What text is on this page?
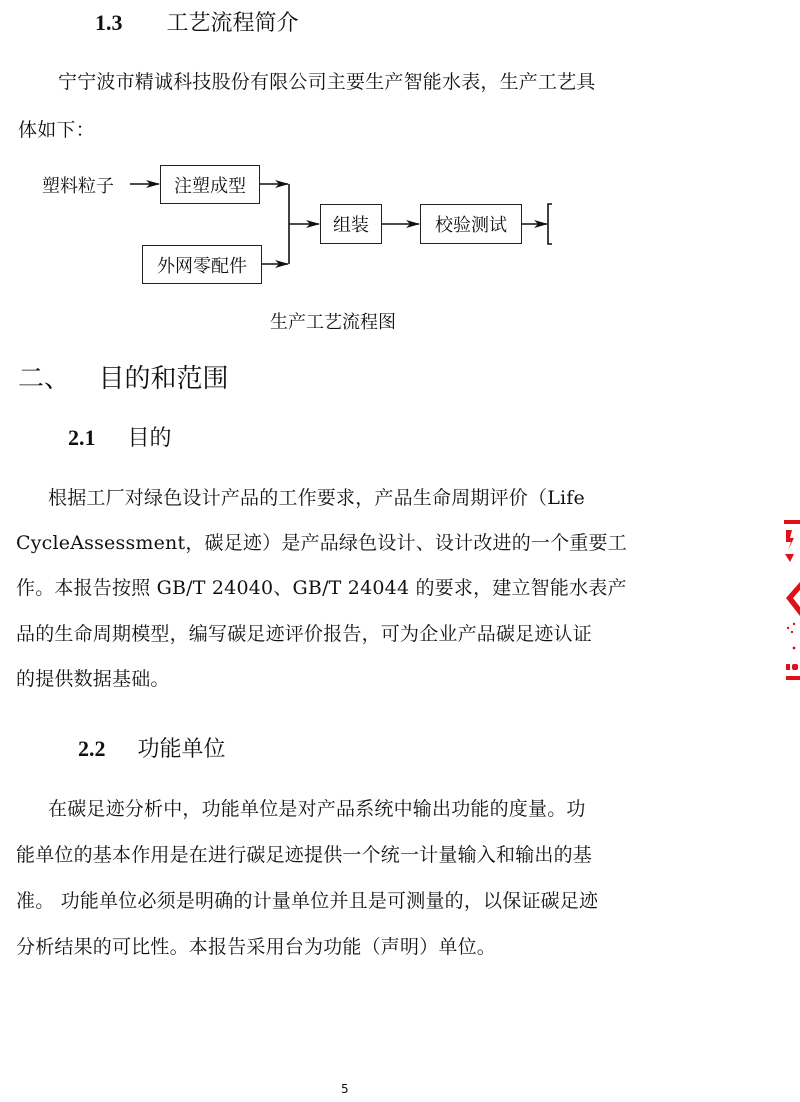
1.3 工艺流程简介
宁宁波市精诚科技股份有限公司主要生产智能水表，生产工艺具
体如下：
塑料粒子	注塑成型
外网零配件
组装	校验测试
生产工艺流程图
二、 目的和范围
2.1 目的
根据工厂对绿色设计产品的工作要求，产品生命周期评价（Life
CycleAssessment，碳足迹）是产品绿色设计、设计改进的一个重要工
作。本报告按照 GB/T 24040、GB/T 24044 的要求，建立智能水表产
品的生命周期模型，编写碳足迹评价报告，可为企业产品碳足迹认证
的提供数据基础。
2.2 功能单位
在碳足迹分析中，功能单位是对产品系统中输出功能的度量。功
能单位的基本作用是在进行碳足迹提供一个统一计量输入和输出的基
准。 功能单位必须是明确的计量单位并且是可测量的，以保证碳足迹
分析结果的可比性。本报告采用台为功能（声明）单位。
5
